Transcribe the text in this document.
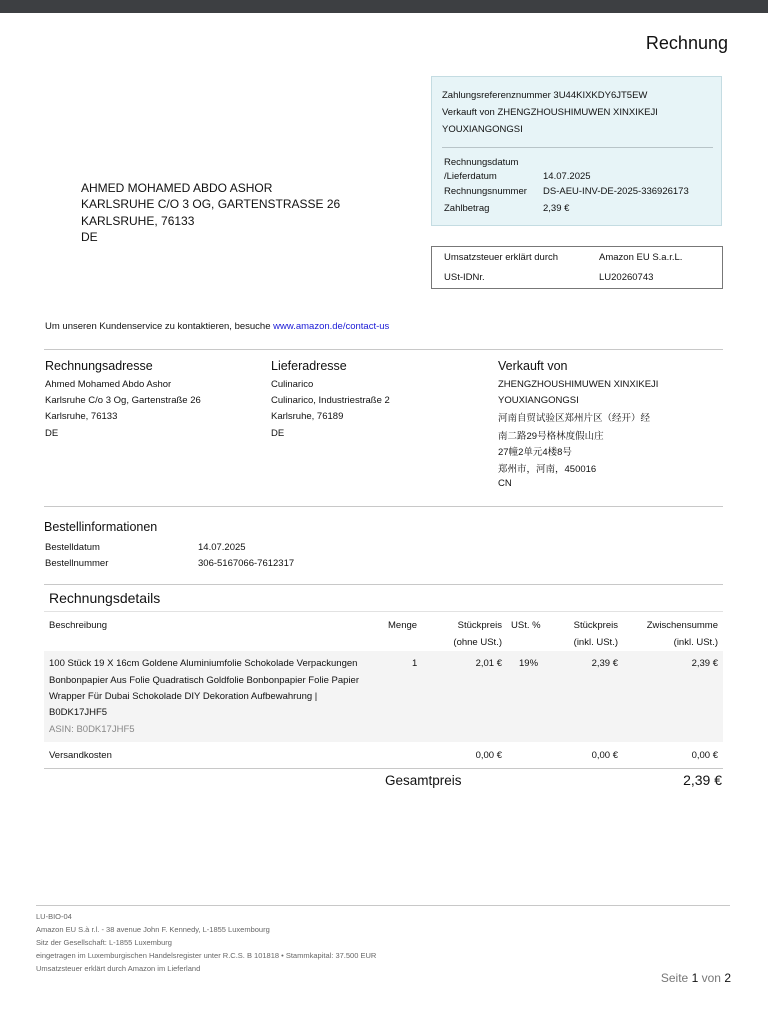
Rechnung
Zahlungsreferenznummer 3U44KIXKDY6JT5EW
Verkauft von ZHENGZHOUSHIMUWEN XINXIKEJI
YOUXIANGONGSI
Rechnungsdatum
/Lieferdatum	14.07.2025
Rechnungsnummer DS-AEU-INV-DE-2025-336926173
Zahlbetrag	2,39 €
Umsatzsteuer erklärt durch	Amazon EU S.a.r.L.
USt-IDNr.	LU20260743
AHMED MOHAMED ABDO ASHOR
KARLSRUHE C/O 3 OG, GARTENSTRASSE 26
KARLSRUHE, 76133
DE
Um unseren Kundenservice zu kontaktieren, besuche www.amazon.de/contact-us
Rechnungsadresse
Ahmed Mohamed Abdo Ashor
Karlsruhe C/o 3 Og, Gartenstraße 26
Karlsruhe, 76133
DE
Lieferadresse
Culinarico
Culinarico, Industriestraße 2
Karlsruhe, 76189
DE
Verkauft von
ZHENGZHOUSHIMUWEN XINXIKEJI
YOUXIANGONGSI
河南自贸试验区郑州片区（经开）经
南二路29号格林度假山庄
27幢2单元4楼8号
郑州市，河南，450016
CN
Bestellinformationen
Bestelldatum	14.07.2025
Bestellnummer	306-5167066-7612317
Rechnungsdetails
Beschreibung	Menge	Stückpreis
(ohne USt.)
USt. %	Stückpreis
(inkl. USt.)
Zwischensumme
(inkl. USt.)
100 Stück 19 X 16cm Goldene Aluminiumfolie Schokolade Verpackungen
Bonbonpapier Aus Folie Quadratisch Goldfolie Bonbonpapier Folie Papier
Wrapper Für Dubai Schokolade DIY Dekoration Aufbewahrung |
B0DK17JHF5
ASIN: B0DK17JHF5
1	2,01 € 19%	2,39 €	2,39 €
Versandkosten	0,00 €	0,00 €	0,00 €
Gesamtpreis	2,39 €
LU-BIO-04
Amazon EU S.à r.l. - 38 avenue John F. Kennedy, L-1855 Luxembourg
Sitz der Gesellschaft: L-1855 Luxemburg
eingetragen im Luxemburgischen Handelsregister unter R.C.S. B 101818 • Stammkapital: 37.500 EUR
Umsatzsteuer erklärt durch Amazon im Lieferland
Seite 1 von 2
